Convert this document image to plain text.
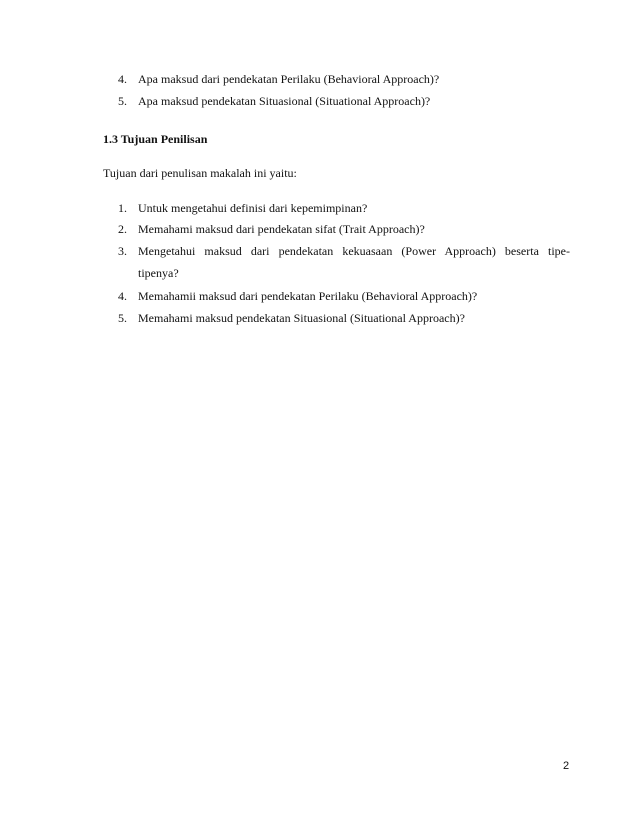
4. Apa maksud dari pendekatan Perilaku (Behavioral Approach)?
5. Apa maksud pendekatan Situasional (Situational Approach)?
1.3 Tujuan Penilisan
Tujuan dari penulisan makalah ini yaitu:
1. Untuk mengetahui definisi dari kepemimpinan?
2. Memahami maksud dari pendekatan sifat (Trait Approach)?
3. Mengetahui maksud dari pendekatan kekuasaan (Power Approach) beserta tipe-
tipenya?
4. Memahamii maksud dari pendekatan Perilaku (Behavioral Approach)?
5. Memahami maksud pendekatan Situasional (Situational Approach)?
2
